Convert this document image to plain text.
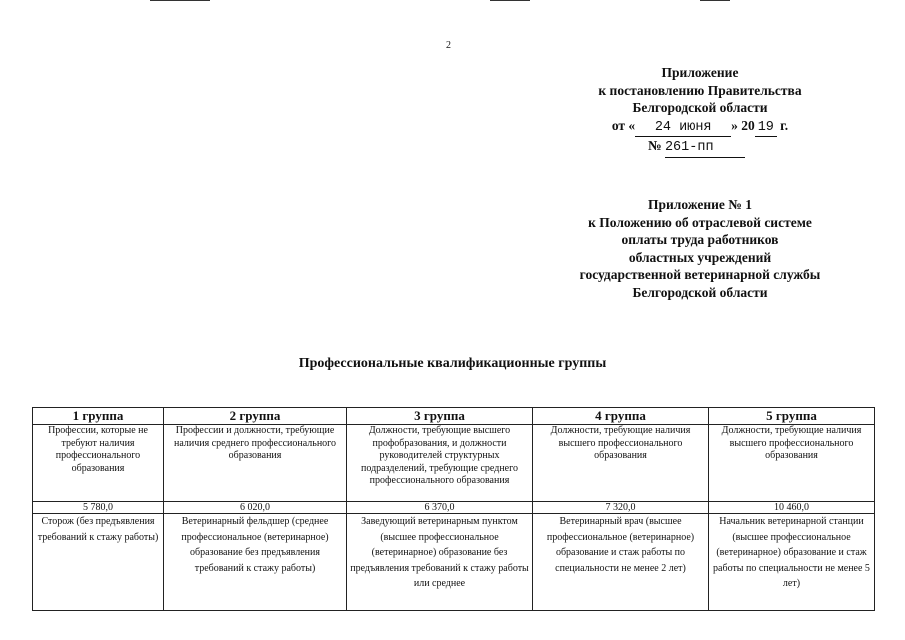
2
Приложение
к постановлению Правительства
Белгородской области
от « 24 июня » 20 19 г.
№ 261-пп
Приложение № 1
к Положению об отраслевой системе
оплаты труда работников
областных учреждений
государственной ветеринарной службы
Белгородской области
Профессиональные квалификационные группы
1 группа	2 группа	3 группа	4 группа	5 группа
Профессии, которые не требуют наличия профессионального образования	Профессии и должности, требующие наличия среднего профессионального образования	Должности, требующие высшего профобразования, и должности руководителей структурных подразделений, требующие среднего профессионального образования	Должности, требующие наличия высшего профессионального образования	Должности, требующие наличия высшего профессионального образования
5 780,0	6 020,0	6 370,0	7 320,0	10 460,0

Сторож (без предъявления требований к стажу работы)	Ветеринарный фельдшер (среднее профессиональное (ветеринарное) образование без предъявления требований к стажу работы)	Заведующий ветеринарным пунктом (высшее профессиональное (ветеринарное) образование без предъявления требований к стажу работы или среднее	Ветеринарный врач (высшее профессиональное (ветеринарное) образование и стаж работы по специальности не менее 2 лет)	Начальник ветеринарной станции (высшее профессиональное (ветеринарное) образование и стаж работы по специальности не менее 5 лет)
